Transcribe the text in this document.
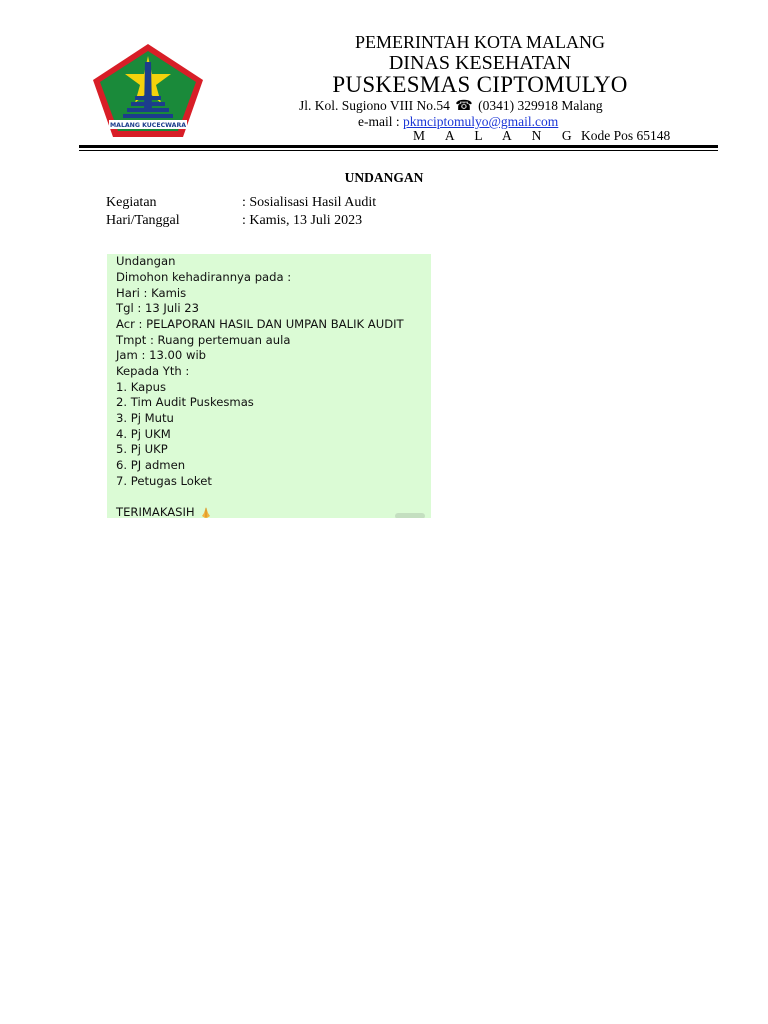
MALANG KUCECWARA
PEMERINTAH KOTA MALANG
DINAS KESEHATAN
PUSKESMAS CIPTOMULYO
Jl. Kol. Sugiono VIII No.54 ☎ (0341) 329918 Malang
e-mail : pkmciptomulyo@gmail.com
M A L A N G Kode Pos 65148
UNDANGAN
Kegiatan	: Sosialisasi Hasil Audit
Hari/Tanggal	: Kamis, 13 Juli 2023
Undangan
Dimohon kehadirannya pada :
Hari : Kamis
Tgl : 13 Juli 23
Acr : PELAPORAN HASIL DAN UMPAN BALIK AUDIT
Tmpt : Ruang pertemuan aula
Jam : 13.00 wib
Kepada Yth :
1. Kapus
2. Tim Audit Puskesmas
3. Pj Mutu
4. Pj UKM
5. Pj UKP
6. PJ admen
7. Petugas Loket
TERIMAKASIH
